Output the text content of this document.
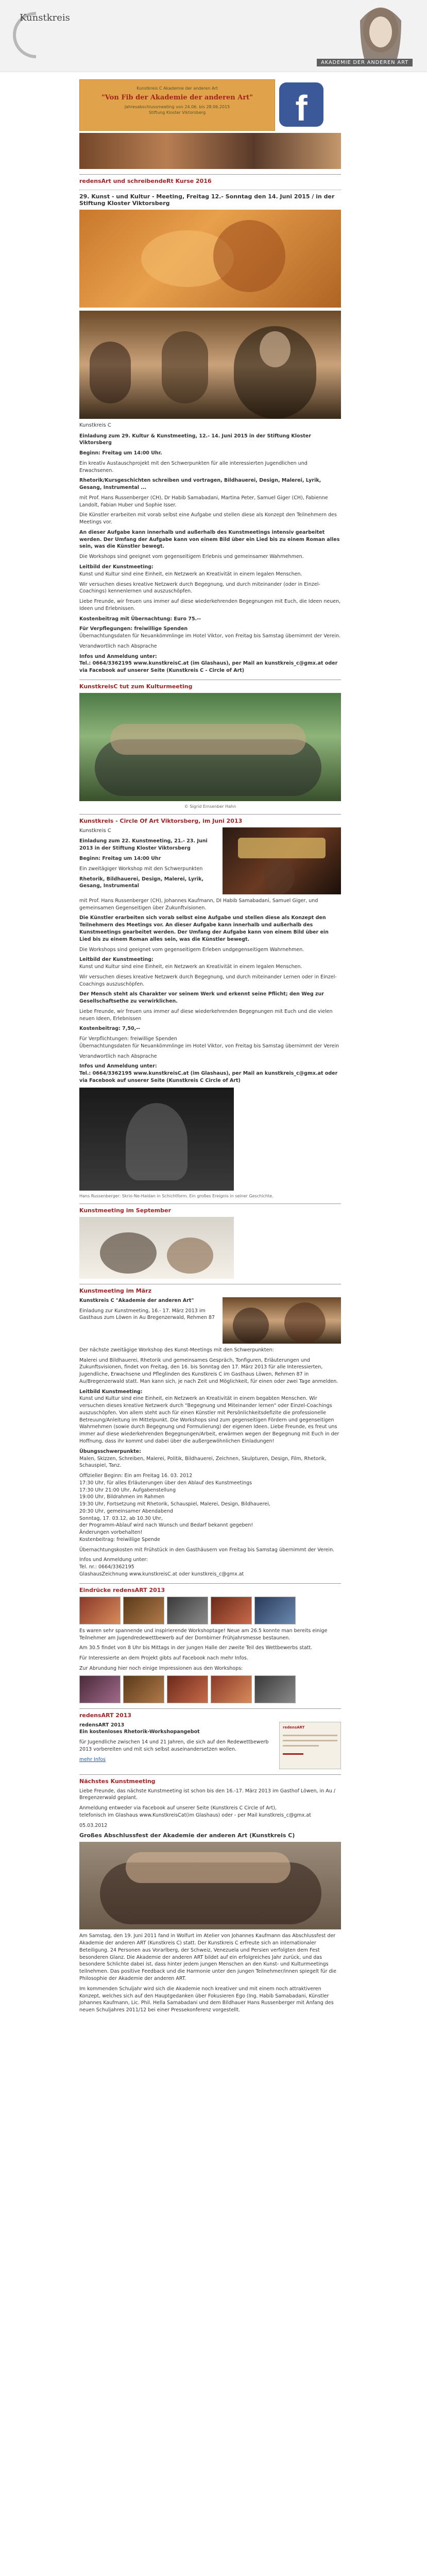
Kunstkreis
AKADEMIE DER ANDEREN ART
Kunstkreis C Akademie der anderen Art
"Von Fib der Akademie der anderen Art"
Jahresabschlussmeeting von 24.06. bis 28.06.2015
Stiftung Kloster Viktorsberg	f
redensArt und schreibendeRt Kurse 2016
29. Kunst - und Kultur - Meeting, Freitag 12.- Sonntag den 14. Juni 2015 / in der Stiftung Kloster Viktorsberg
Kunstkreis C
Einladung zum 29. Kultur & Kunstmeeting, 12.- 14. Juni 2015 in der Stiftung Kloster Viktorsberg
Beginn: Freitag um 14:00 Uhr.
Ein kreativ Austauschprojekt mit den Schwerpunkten für alle interessierten Jugendlichen und Erwachsenen.
Rhetorik/Kursgeschichten schreiben und vortragen, Bildhauerei, Design, Malerei, Lyrik, Gesang, Instrumental ...
mit Prof. Hans Russenberger (CH), Dr Habib Samabadani, Martina Peter, Samuel Giger (CH), Fabienne Landolt, Fabian Huber und Sophie Isser.
Die Künstler erarbeiten mit vorab selbst eine Aufgabe und stellen diese als Konzept den Teilnehmern des Meetings vor.
An dieser Aufgabe kann innerhalb und außerhalb des Kunstmeetings intensiv gearbeitet werden. Der Umfang der Aufgabe kann von einem Bild über ein Lied bis zu einem Roman alles sein, was die Künstler bewegt.
Die Workshops sind geeignet vom gegenseitigem Erlebnis und gemeinsamer Wahrnehmen.
Leitbild der Kunstmeeting:
Kunst und Kultur sind eine Einheit, ein Netzwerk an Kreativität in einem legalen Menschen.
Wir versuchen dieses kreative Netzwerk durch Begegnung, und durch miteinander (oder in Einzel-Coachings) kennenlernen und auszuschöpfen.
Liebe Freunde, wir freuen uns immer auf diese wiederkehrenden Begegnungen mit Euch, die Ideen neuen, Ideen und Erlebnissen.
Kostenbeitrag mit Übernachtung: Euro 75.--
Für Verpflegungen: freiwillige Spenden
Übernachtungsdaten für Neuankömmlinge im Hotel Viktor, von Freitag bis Samstag übernimmt der Verein.
Verandwortlich nach Absprache
Infos und Anmeldung unter:
Tel.: 0664/3362195 www.kunstkreisC.at (im Glashaus), per Mail an kunstkreis_c@gmx.at oder via Facebook auf unserer Seite (Kunstkreis C - Circle of Art)
KunstkreisC tut zum Kulturmeeting
© Sigrid Ernsenber Hahn
Kunstkreis - Circle Of Art Viktorsberg, im Juni 2013
Kunstkreis C
Einladung zum 22. Kunstmeeting, 21.- 23. Juni 2013 in der Stiftung Kloster Viktorsberg
Beginn: Freitag um 14:00 Uhr
Ein zweitägiger Workshop mit den Schwerpunkten
Rhetorik, Bildhauerei, Design, Malerei, Lyrik, Gesang, Instrumental
mit Prof. Hans Russenberger (CH), Johannes Kaufmann, DI Habib Samabadani, Samuel Giger, und gemeinsamen Gegenseitigen über Zukunftvisionen.
Die Künstler erarbeiten sich vorab selbst eine Aufgabe und stellen diese als Konzept den Teilnehmern des Meetings vor. An dieser Aufgabe kann innerhalb und außerhalb des Kunstmeetings gearbeitet werden. Der Umfang der Aufgabe kann von einem Bild über ein Lied bis zu einem Roman alles sein, was die Künstler bewegt.
Die Workshops sind geeignet vom gegenseitigem Erleben undgegenseitigem Wahrnehmen.
Leitbild der Kunstmeeting:
Kunst und Kultur sind eine Einheit, ein Netzwerk an Kreativität in einem legalen Menschen.
Wir versuchen dieses kreative Netzwerk durch Begegnung, und durch miteinander Lernen oder in Einzel-Coachings auszuschöpfen.
Der Mensch steht als Charakter vor seinem Werk und erkennt seine Pflicht; den Weg zur Gesellschaftsethe zu verwirklichen.
Liebe Freunde, wir freuen uns immer auf diese wiederkehrenden Begegnungen mit Euch und die vielen neuen Ideen, Erlebnissen
Kostenbeitrag: 7,50,--
Für Verpflichtungen: freiwillige Spenden
Übernachtungsdaten für Neuankömmlinge im Hotel Viktor, von Freitag bis Samstag übernimmt der Verein
Verandwortlich nach Absprache
Infos und Anmeldung unter:
Tel.: 0664/3362195 www.kunstkreisC.at (im Glashaus), per Mail an kunstkreis_c@gmx.at oder via Facebook auf unserer Seite (Kunstkreis C Circle of Art)
Hans Russenberger: Skrio-Ne-Haldan in Schichtform. Ein großes Ereignis in seiner Geschichte.
Kunstmeeting im September
Kunstmeeting im März
Kunstkreis C "Akademie der anderen Art"
Einladung zur Kunstmeeting, 16.- 17. März 2013 im Gasthaus zum Löwen in Au Bregenzerwald, Rehmen 87
Der nächste zweitägige Workshop des Kunst-Meetings mit den Schwerpunkten:
Malerei und Bildhauerei, Rhetorik und gemeinsames Gespräch, Tonfiguren, Erläuterungen und Zukunftsvisionen, findet von Freitag, den 16. bis Sonntag den 17. März 2013 für alle Interessierten, Jugendliche, Erwachsene und Pfleglinden des Kunstkreis C im Gasthaus Löwen, Rehmen 87 in Au/Bregenzerwald statt. Man kann sich, je nach Zeit und Möglichkeit, für einen oder zwei Tage anmelden.
Leitbild Kunstmeeting:
Kunst und Kultur sind eine Einheit, ein Netzwerk an Kreativität in einem begabten Menschen. Wir versuchen dieses kreative Netzwerk durch "Begegnung und Miteinander lernen" oder Einzel-Coachings auszuschöpfen. Von allem steht auch für einen Künstler mit Persönlichkeitsdefizite die professionelle Betreuung/Anleitung im Mittelpunkt. Die Workshops sind zum gegenseitigen Fördern und gegenseitigen Wahrnehmen (sowie durch Begegnung und Formulierung) der eigenen Ideen. Liebe Freunde, es freut uns immer auf diese wiederkehrenden Begegnungen/Arbeit, erwärmen wegen der Begegnung mit Euch in der Hoffnung, dass ihr kommt und dabei über die außergewöhnlichen Einladungen!
Übungsschwerpunkte:
Malen, Skizzen, Schreiben, Malerei, Politik, Bildhauerei, Zeichnen, Skulpturen, Design, Film, Rhetorik, Schauspiel, Tanz.
Offizieller Beginn: Ein am Freitag 16. 03. 2012
17:30 Uhr, für alles Erläuterungen über den Ablauf des Kunstmeetings
17:30 Uhr 21:00 Uhr, Aufgabenstellung
19:00 Uhr, Bildrahmen im Rahmen
19:30 Uhr, Fortsetzung mit Rhetorik, Schauspiel, Malerei, Design, Bildhauerei,
20:30 Uhr, gemeinsamer Abendabend
Sonntag, 17. 03.12, ab 10.30 Uhr,
der Programm-Ablauf wird nach Wunsch und Bedarf bekannt gegeben!
Änderungen vorbehalten!
Kostenbeitrag: freiwillige Spende
Übernachtungskosten mit Frühstück in den Gasthäusern von Freitag bis Samstag übernimmt der Verein.
Infos und Anmeldung unter:
Tel. nr.: 0664/3362195
GlashausZeichnung www.kunstkreisC.at oder kunstkreis_c@gmx.at
Eindrücke redensART 2013
Es waren sehr spannende und inspirierende Workshoptage! Neue am 26.5 konnte man bereits einige Teilnehmer am Jugendredewettbewerb auf der Dornbirner Frühjahrsmesse bestaunen.
Am 30.5 findet von 8 Uhr bis Mittags in der jungen Halle der zweite Teil des Wettbewerbs statt.
Für Interessierte an dem Projekt gibts auf Facebook nach mehr Infos.
Zur Abrundung hier noch einige Impressionen aus den Workshops:
redensART 2013
redensART
redensART 2013
Ein kostenloses Rhetorik-Workshopangebot
für Jugendliche zwischen 14 und 21 Jahren, die sich auf den Redewettbewerb 2013 vorbereiten und mit sich selbst auseinandersetzen wollen.
mehr Infos
Nächstes Kunstmeeting
Liebe Freunde, das nächste Kunstmeeting ist schon bis den 16.-17. März 2013 im Gasthof Löwen, in Au / Bregenzerwald geplant.
Anmeldung entweder via Facebook auf unserer Seite (Kunstkreis C Circle of Art),
telefonisch im Glashaus www.KunstkreisCat(im Glashaus) oder - per Mail kunstkreis_c@gmx.at
05.03.2012
Großes Abschlussfest der Akademie der anderen Art (Kunstkreis C)
Am Samstag, den 19. Juni 2011 fand in Wolfurt im Atelier von Johannes Kaufmann das Abschlussfest der Akademie der anderen ART (Kunstkreis C) statt. Der Kunstkreis C erfreute sich an internationaler Beteiligung. 24 Personen aus Vorarlberg, der Schweiz, Venezuela und Persien verfolgten dem Fest besonderen Glanz. Die Akademie der anderen ART bildet auf ein erfolgreiches Jahr zurück, und das besondere Schlichte dabei ist, dass hinter jedem jungen Menschen an den Kunst- und Kulturmeetings teilnehmen. Das positive Feedback und die Harmonie unter den jungen Teilnehmer/innen spiegelt für die Philosophie der Akademie der anderen ART.
Im kommenden Schuljahr wird sich die Akademie noch kreativer und mit einem noch attraktiveren Konzept, welches sich auf den Hauptgedanken über Fokusieren Ego (Ing. Habib Samabadani, Künstler Johannes Kaufmann, Lic. Phil. Hella Samabadani und dem Bildhauer Hans Russenberger mit Anfang des neuen Schuljahres 2011/12 bei einer Pressekonferenz vorgestellt.
